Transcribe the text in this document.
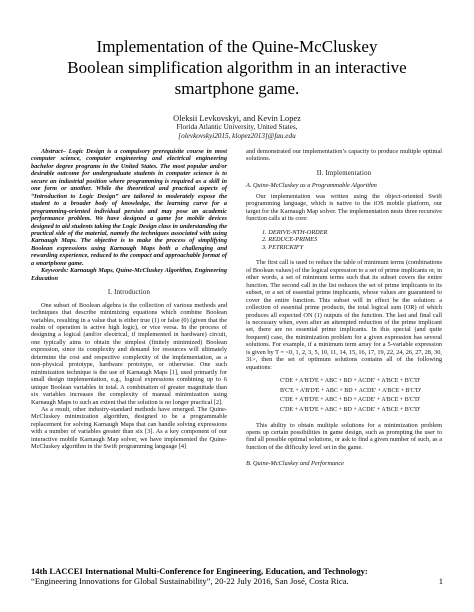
Implementation of the Quine-McCluskey
Boolean simplification algorithm in an interactive
smartphone game.
Oleksii Levkovskyi, and Kevin Lopez
Florida Atlantic University, United States,
[olevkovskyi2015, klopez2013]@fau.edu

Abstract– Logic Design is a compulsory prerequisite course in most computer science, computer engineering and electrical engineering bachelor degree programs in the United States. The most popular and/or desirable outcome for undergraduate students in computer science is to secure an industrial position where programming is required as a skill in one form or another. While the theoretical and practical aspects of “Introduction to Logic Design” are tailored to moderately expose the student to a broader body of knowledge, the learning curve for a programming-oriented individual persists and may pose an academic performance problem. We have designed a game for mobile devices designed to aid students taking the Logic Design class in understanding the practical side of the material, namely the techniques associated with using Karnaugh Maps. The objective is to make the process of simplifying Boolean expressions using Karnaugh Maps both a challenging and rewarding experience, reduced to the compact and approachable format of a smartphone game.

Keywords: Karnaugh Maps, Quine-McCluskey Algorithm, Engineering Education

I. Introduction

One subset of Boolean algebra is the collection of various methods and techniques that describe minimizing equations which combine Boolean variables, resulting in a value that is either true (1) or false (0) (given that the realm of operation is active high logic), or vice versa. In the process of designing a logical (and/or electrical, if implemented in hardware) circuit, one typically aims to obtain the simplest (finitely minimized) Boolean expression, since its complexity and demand for resources will ultimately determine the cost and respective complexity of the implementation, as a non-physical prototype, hardware prototype, or otherwise. One such minimization technique is the use of Karnaugh Maps [1], used primarily for small design implementation, e.g., logical expressions combining up to 6 unique Boolean variables in total. A combination of greater magnitude than six variables increases the complexity of manual minimization using Karnaugh Maps to such an extent that the solution is no longer practical [2].

As a result, other industry-standard methods have emerged. The Quine-McCluskey minimization algorithm, designed to be a programmable replacement for solving Karnaugh Maps that can handle solving expressions with a number of variables greater than six [3]. As a key component of our interactive mobile Karnaugh Map solver, we have implemented the Quine-McCluskey algorithm in the Swift programming language [4]

and demonstrated our implementation’s capacity to produce multiple optimal solutions.

II. Implementation
A. Quine-McCluskey as a Programmable Algorithm

Our implementation was written using the object-oriented Swift programming language, which is native to the iOS mobile platform, our target for the Karnaugh Map solver. The implementation nests three recursive function calls at its core:

1. DERIVE-NTH-ORDER
2. REDUCE-PRIMES
3. PETRICKIFY

The first call is used to reduce the table of minimum terms (combinations of Boolean values) of the logical expression to a set of prime implicants or, in other words, a set of minimum terms such that its subset covers the entire function. The second call in the list reduces the set of prime implicants to its subset, or a set of essential prime implicants, whose values are guaranteed to cover the entire function. This subset will in effect be the solution: a collection of essential prime products, the total logical sum (OR) of which produces all expected ON (1) outputs of the function. The last and final call is necessary when, even after an attempted reduction of the prime implicant set, there are no essential prime implicants. In this special (and quite frequent) case, the minimization problem for a given expression has several solutions. For example, if a minimum term array for a 5-variable expression is given by T = <0, 1, 2, 3, 5, 10, 11, 14, 15, 16, 17, 19, 22, 24, 26, 27, 28, 30, 31>, then the set of optimum solutions contains all of the following equations:

C'DE + A'B'D'E + ABC + BD + ACDE' + A'BCE + B'C'D'
B'C'E + A'B'D'E + ABC + BD + ACDE' + A'BCE + B'C'D'
C'DE + A'B'D'E + ABC + BD + ACDE' + A'BCE + B'C'D'
C'DE + A'B'D'E + ABC + BD + ACDE' + A'BCE + B'C'D'

This ability to obtain multiple solutions for a minimization problem opens up certain possibilities in game design, such as prompting the user to find all possible optimal solutions, or ask to find a given number of such, as a function of the difficulty level set in the game.

B. Quine-McCluskey and Performance
14th LACCEI International Multi-Conference for Engineering, Education, and Technology:
“Engineering Innovations for Global Sustainability”, 20-22 July 2016, San José, Costa Rica.	1
